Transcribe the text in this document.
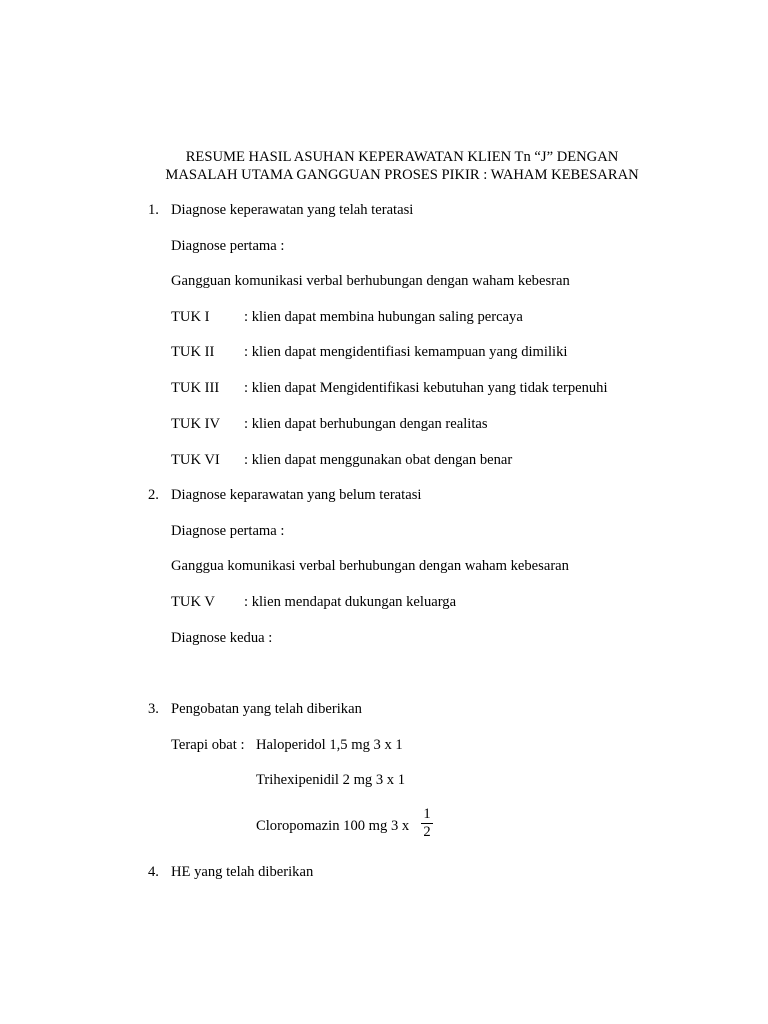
RESUME HASIL ASUHAN KEPERAWATAN KLIEN Tn “J” DENGAN
MASALAH UTAMA GANGGUAN PROSES PIKIR : WAHAM KEBESARAN
1. Diagnose keperawatan yang telah teratasi
Diagnose pertama :
Gangguan komunikasi verbal berhubungan dengan waham kebesran
TUK I : klien dapat membina hubungan saling percaya
TUK II : klien dapat mengidentifiasi kemampuan yang dimiliki
TUK III : klien dapat Mengidentifikasi kebutuhan yang tidak terpenuhi
TUK IV : klien dapat berhubungan dengan realitas
TUK VI : klien dapat menggunakan obat dengan benar
2. Diagnose keparawatan yang belum teratasi
Diagnose pertama :
Ganggua komunikasi verbal berhubungan dengan waham kebesaran
TUK V : klien mendapat dukungan keluarga
Diagnose kedua :
3. Pengobatan yang telah diberikan
Terapi obat : Haloperidol 1,5 mg 3 x 1
Trihexipenidil 2 mg 3 x 1
Cloropomazin 100 mg 3 x
1
2
4. HE yang telah diberikan
